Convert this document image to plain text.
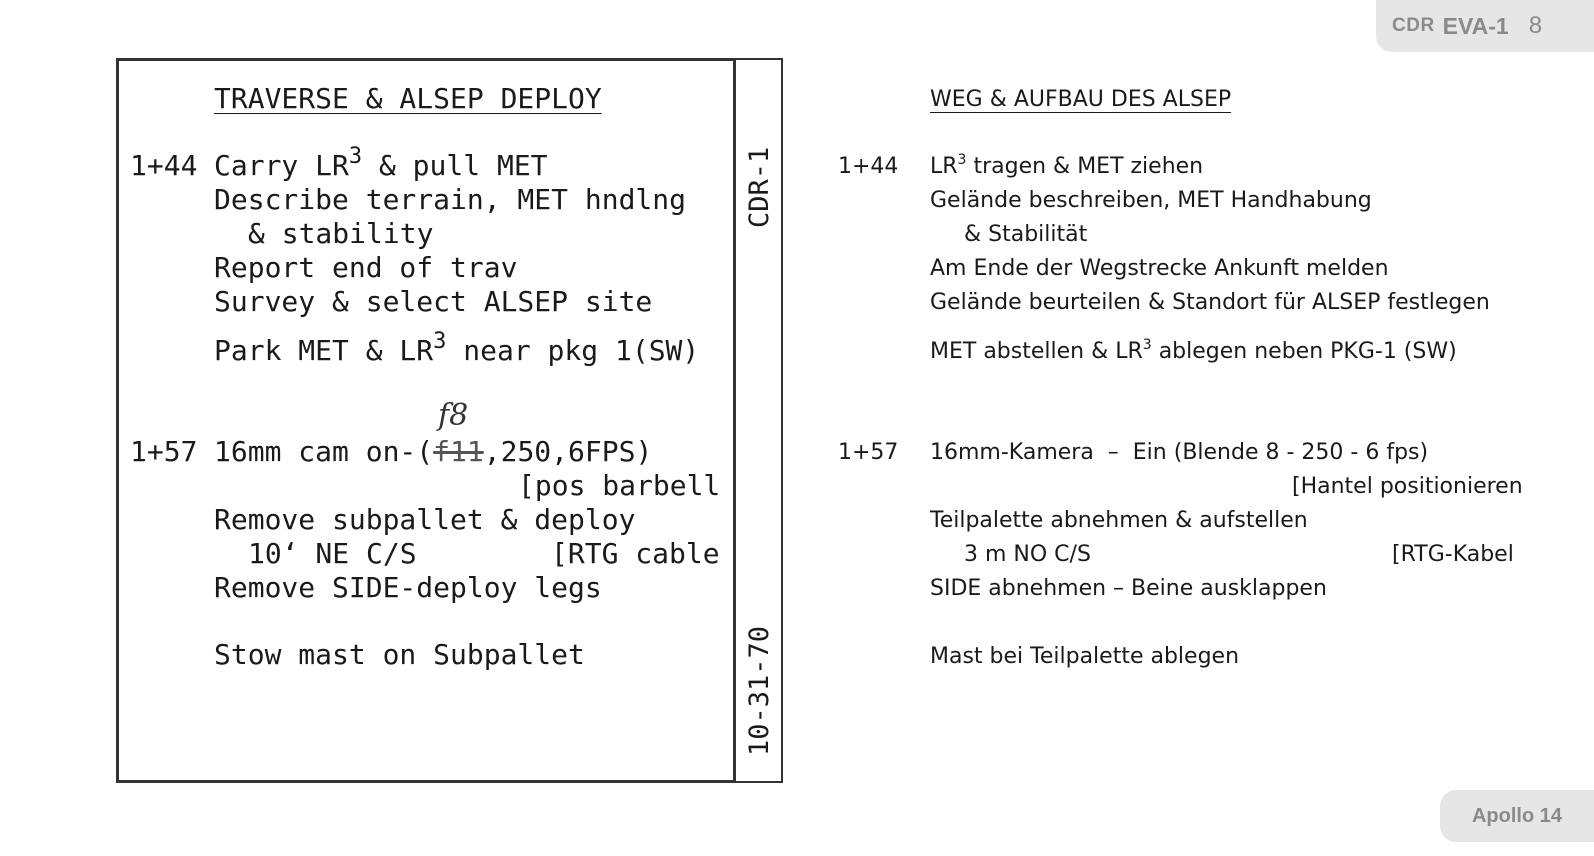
CDR EVA-1 8
Apollo 14
CDR-1
10-31-70
TRAVERSE & ALSEP DEPLOY
1+44 Carry $LR^3$ & pull MET
Describe terrain, MET hndlng
& stability
Report end of trav
Survey & select ALSEP site
Park MET & $LR^3$ near pkg 1(SW)
f8
1+57 16mm cam on-(f11,250,6FPS)
[pos barbell
Remove subpallet & deploy
10‘ NE C/S	[RTG cable
Remove SIDE-deploy legs
Stow mast on Subpallet
WEG & AUFBAU DES ALSEP
1+44 $LR^3$ tragen & MET ziehen
Gelände beschreiben, MET Handhabung
& Stabilität
Am Ende der Wegstrecke Ankunft melden
Gelände beurteilen & Standort für ALSEP festlegen
MET abstellen & $LR^3$ ablegen neben PKG-1 (SW)
1+57 16mm-Kamera  –  Ein (Blende 8 - 250 - 6 fps)
[Hantel positionieren
Teilpalette abnehmen & aufstellen
3 m NO C/S	[RTG-Kabel
SIDE abnehmen – Beine ausklappen
Mast bei Teilpalette ablegen
